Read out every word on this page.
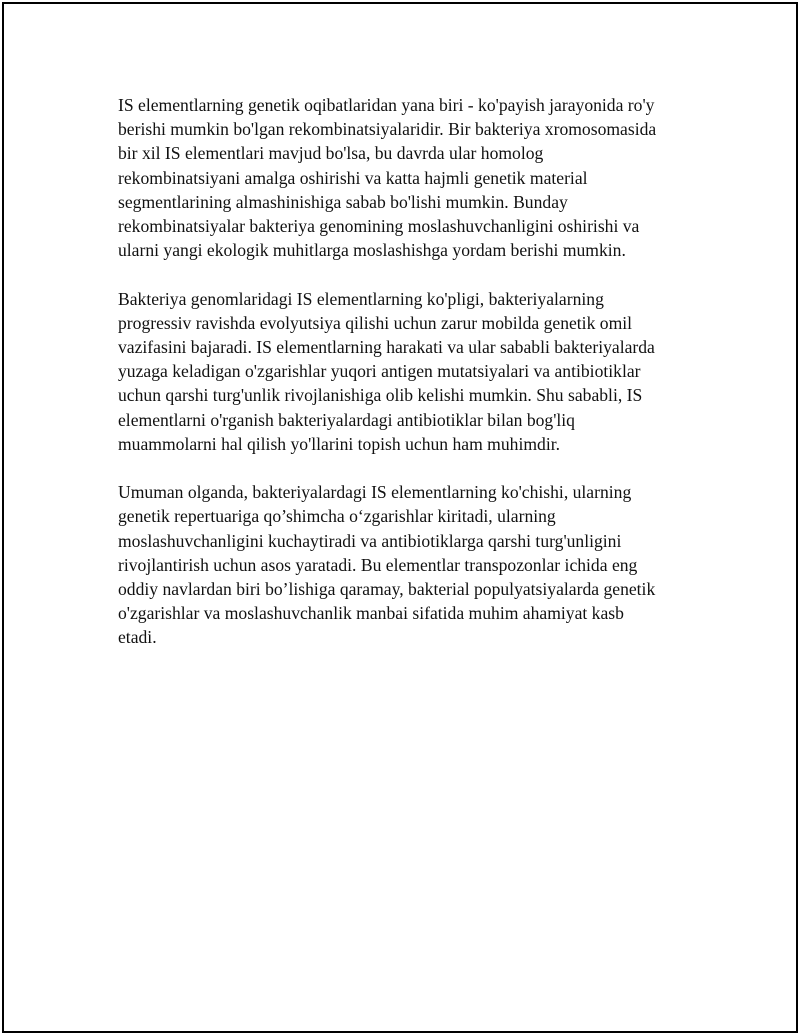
IS elementlarning genetik oqibatlaridan yana biri - ko'payish jarayonida ro'y
berishi mumkin bo'lgan rekombinatsiyalaridir. Bir bakteriya xromosomasida
bir xil IS elementlari mavjud bo'lsa, bu davrda ular homolog
rekombinatsiyani amalga oshirishi va katta hajmli genetik material
segmentlarining almashinishiga sabab bo'lishi mumkin. Bunday
rekombinatsiyalar bakteriya genomining moslashuvchanligini oshirishi va
ularni yangi ekologik muhitlarga moslashishga yordam berishi mumkin.

Bakteriya genomlaridagi IS elementlarning ko'pligi, bakteriyalarning
progressiv ravishda evolyutsiya qilishi uchun zarur mobilda genetik omil
vazifasini bajaradi. IS elementlarning harakati va ular sababli bakteriyalarda
yuzaga keladigan o'zgarishlar yuqori antigen mutatsiyalari va antibiotiklar
uchun qarshi turg'unlik rivojlanishiga olib kelishi mumkin. Shu sababli, IS
elementlarni o'rganish bakteriyalardagi antibiotiklar bilan bog'liq
muammolarni hal qilish yo'llarini topish uchun ham muhimdir.

Umuman olganda, bakteriyalardagi IS elementlarning ko'chishi, ularning
genetik repertuariga qo’shimcha o‘zgarishlar kiritadi, ularning
moslashuvchanligini kuchaytiradi va antibiotiklarga qarshi turg'unligini
rivojlantirish uchun asos yaratadi. Bu elementlar transpozonlar ichida eng
oddiy navlardan biri bo’lishiga qaramay, bakterial populyatsiyalarda genetik
o'zgarishlar va moslashuvchanlik manbai sifatida muhim ahamiyat kasb
etadi.
